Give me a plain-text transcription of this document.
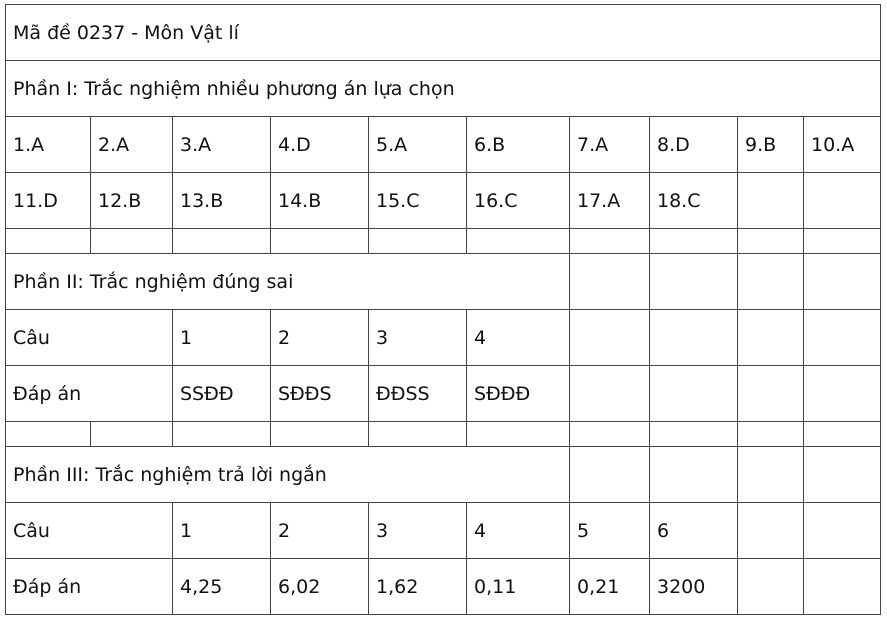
Mã đề 0237 - Môn Vật lí									
Phần I: Trắc nghiệm nhiều phương án lựa chọn									
1.A	2.A	3.A	4.D	5.A	6.B	7.A	8.D	9.B	10.A
11.D	12.B	13.B	14.B	15.C	16.C	17.A	18.C		

Phần II: Trắc nghiệm đúng sai									
Câu		1	2	3	4				
Đáp án		SSĐĐ	SĐĐS	ĐĐSS	SĐĐĐ				

Phần III: Trắc nghiệm trả lời ngắn									
Câu		1	2	3	4	5	6		
Đáp án		4,25	6,02	1,62	0,11	0,21	3200		
